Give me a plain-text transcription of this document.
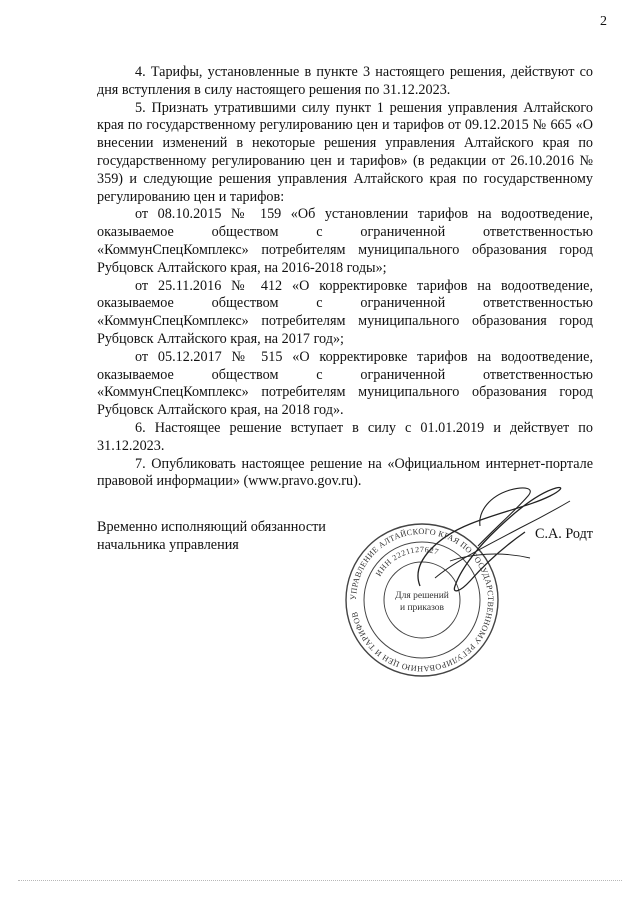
2

4. Тарифы, установленные в пункте 3 настоящего решения, действуют со дня вступления в силу настоящего решения по 31.12.2023.

5. Признать утратившими силу пункт 1 решения управления Алтайского края по государственному регулированию цен и тарифов от 09.12.2015 № 665 «О внесении изменений в некоторые решения управления Алтайского края по государственному регулированию цен и тарифов» (в редакции от 26.10.2016 № 359) и следующие решения управления Алтайского края по государственному регулированию цен и тарифов:

от 08.10.2015 № 159 «Об установлении тарифов на водоотведение, оказываемое обществом с ограниченной ответственностью «КоммунСпецКомплекс» потребителям муниципального образования город Рубцовск Алтайского края, на 2016-2018 годы»;

от 25.11.2016 № 412 «О корректировке тарифов на водоотведение, оказываемое обществом с ограниченной ответственностью «КоммунСпецКомплекс» потребителям муниципального образования город Рубцовск Алтайского края, на 2017 год»;

от 05.12.2017 № 515 «О корректировке тарифов на водоотведение, оказываемое обществом с ограниченной ответственностью «КоммунСпецКомплекс» потребителям муниципального образования город Рубцовск Алтайского края, на 2018 год».

6. Настоящее решение вступает в силу с 01.01.2019 и действует по 31.12.2023.

7. Опубликовать настоящее решение на «Официальном интернет-портале правовой информации» (www.pravo.gov.ru).

Временно исполняющий обязанности
начальника управления
С.А. Родт
УПРАВЛЕНИЕ АЛТАЙСКОГО КРАЯ ПО ГОСУДАРСТВЕННОМУ РЕГУЛИРОВАНИЮ ЦЕН И ТАРИФОВ
ИНН 2221127627
Для решений
и приказов
